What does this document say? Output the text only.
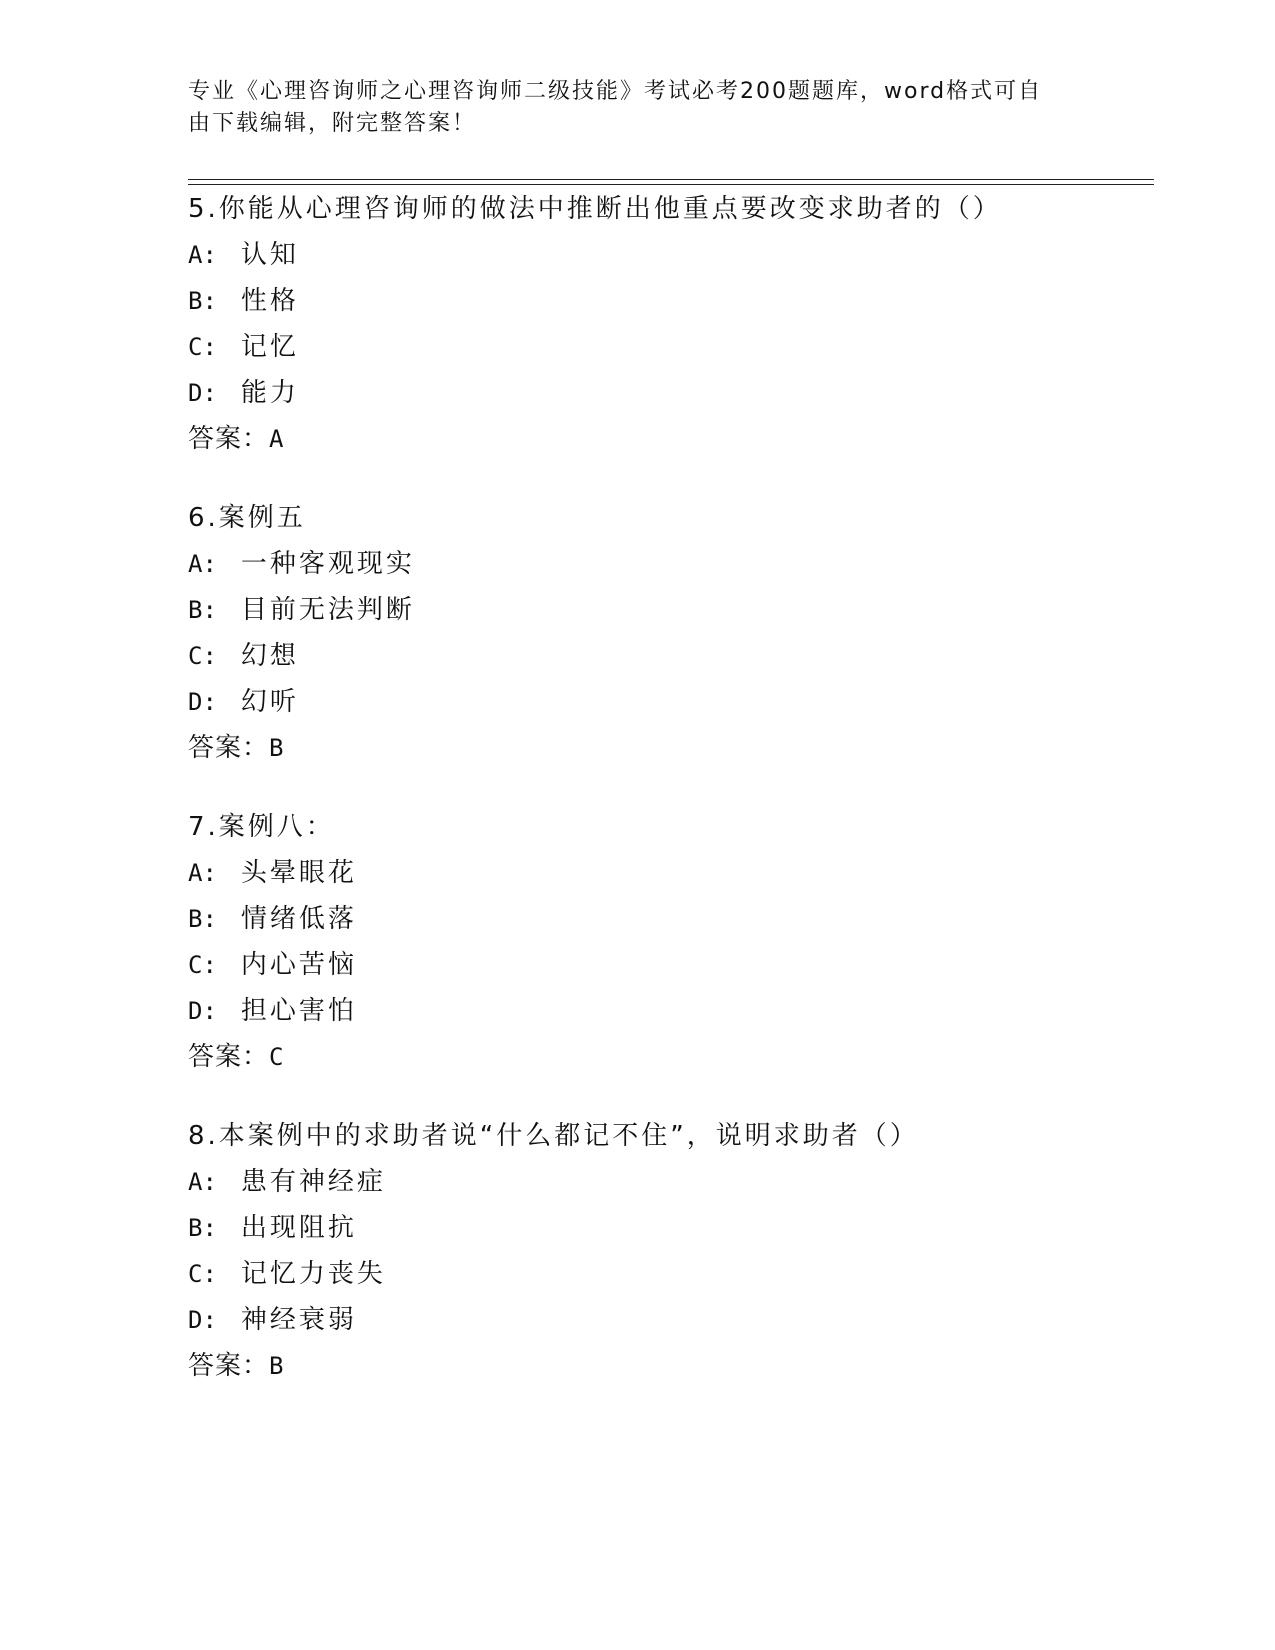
专业《心理咨询师之心理咨询师二级技能》考试必考200题题库，word格式可自
由下载编辑，附完整答案！
5.你能从心理咨询师的做法中推断出他重点要改变求助者的（）
A: 认知
B: 性格
C: 记忆
D: 能力
答案：A
6.案例五
A: 一种客观现实
B: 目前无法判断
C: 幻想
D: 幻听
答案：B
7.案例八：
A: 头晕眼花
B: 情绪低落
C: 内心苦恼
D: 担心害怕
答案：C
8.本案例中的求助者说“什么都记不住”，说明求助者（）
A: 患有神经症
B: 出现阻抗
C: 记忆力丧失
D: 神经衰弱
答案：B
